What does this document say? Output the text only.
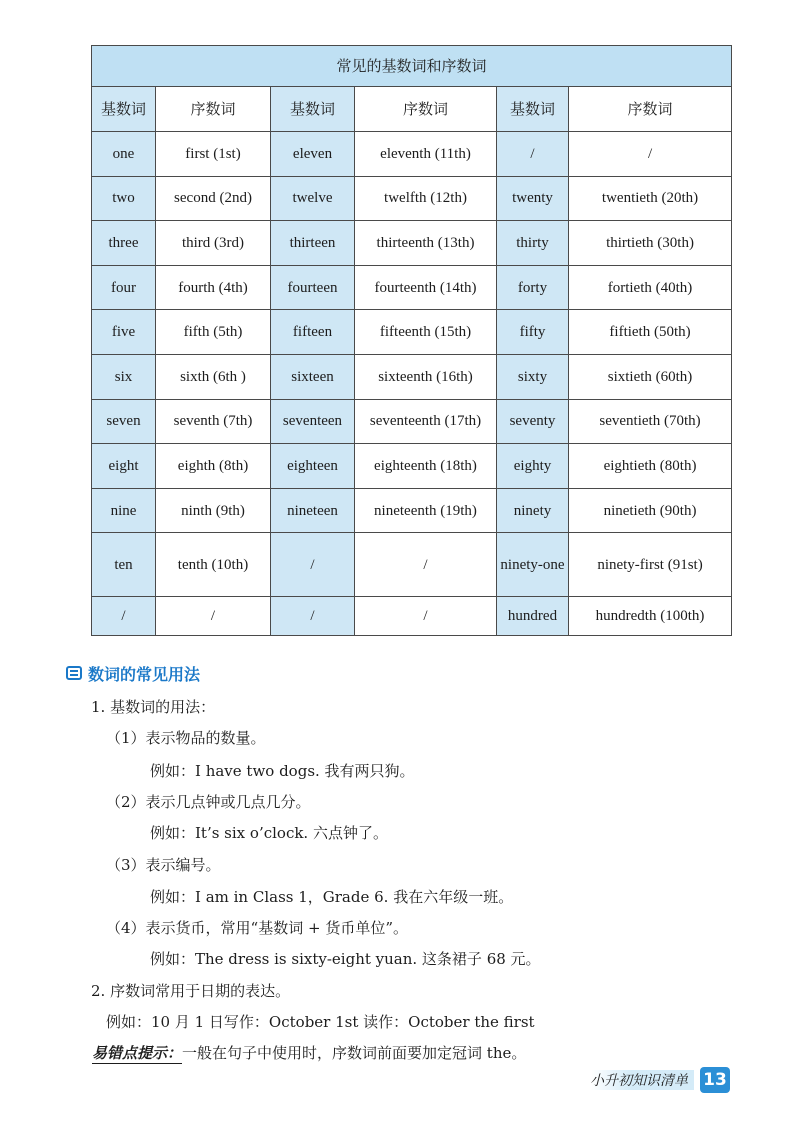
常见的基数词和序数词					
基数词	序数词	基数词	序数词	基数词	序数词
one	first (1st)	eleven	eleventh (11th)	/	/
two	second (2nd)	twelve	twelfth (12th)	twenty	twentieth (20th)
three	third (3rd)	thirteen	thirteenth (13th)	thirty	thirtieth (30th)
four	fourth (4th)	fourteen	fourteenth (14th)	forty	fortieth (40th)
five	fifth (5th)	fifteen	fifteenth (15th)	fifty	fiftieth (50th)
six	sixth (6th )	sixteen	sixteenth (16th)	sixty	sixtieth (60th)
seven	seventh (7th)	seventeen	seventeenth (17th)	seventy	seventieth (70th)
eight	eighth (8th)	eighteen	eighteenth (18th)	eighty	eightieth (80th)
nine	ninth (9th)	nineteen	nineteenth (19th)	ninety	ninetieth (90th)
ten	tenth (10th)	/	/	ninety-one	ninety-first (91st)
/	/	/	/	hundred	hundredth (100th)
数词的常见用法
1. 基数词的用法：
（1）表示物品的数量。
例如：I have two dogs. 我有两只狗。
（2）表示几点钟或几点几分。
例如：It’s six o’clock. 六点钟了。
（3）表示编号。
例如：I am in Class 1，Grade 6. 我在六年级一班。
（4）表示货币，常用“基数词 + 货币单位”。
例如：The dress is sixty-eight yuan. 这条裙子 68 元。
2. 序数词常用于日期的表达。
例如：10 月 1 日写作：October 1st 读作：October the first
易错点提示：一般在句子中使用时，序数词前面要加定冠词 the。
小升初知识清单 13
